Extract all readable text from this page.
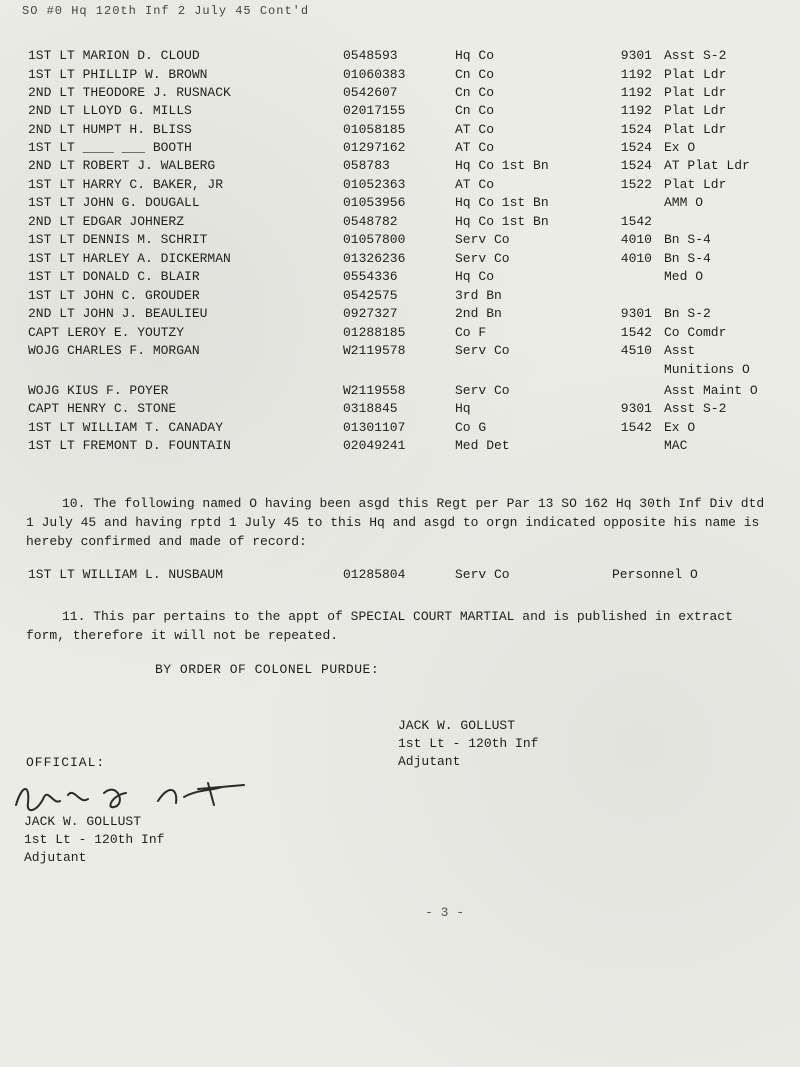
SO #0 Hq 120th Inf 2 July 45 Cont'd
1ST LT MARION D. CLOUD	0548593	Hq Co	9301 Asst S-2
1ST LT PHILLIP W. BROWN	01060383	Cn Co	1192 Plat Ldr
2ND LT THEODORE J. RUSNACK	0542607	Cn Co	1192 Plat Ldr
2ND LT LLOYD G. MILLS	02017155	Cn Co	1192 Plat Ldr
2ND LT HUMPT H. BLISS	01058185	AT Co	1524 Plat Ldr
1ST LT ____ ___ BOOTH	01297162	AT Co	1524 Ex O
2ND LT ROBERT J. WALBERG	058783	Hq Co 1st Bn	1524 AT Plat Ldr
1ST LT HARRY C. BAKER, JR	01052363	AT Co	1522 Plat Ldr
1ST LT JOHN G. DOUGALL	01053956	Hq Co 1st Bn	AMM O
2ND LT EDGAR JOHNERZ	0548782	Hq Co 1st Bn	1542
1ST LT DENNIS M. SCHRIT	01057800	Serv Co	4010 Bn S-4
1ST LT HARLEY A. DICKERMAN	01326236	Serv Co	4010 Bn S-4
1ST LT DONALD C. BLAIR	0554336	Hq Co	Med O
1ST LT JOHN C. GROUDER	0542575	3rd Bn
2ND LT JOHN J. BEAULIEU	0927327	2nd Bn	9301 Bn S-2
CAPT LEROY E. YOUTZY	01288185	Co F	1542 Co Comdr
WOJG CHARLES F. MORGAN	W2119578	Serv Co	4510 Asst
Munitions O
WOJG KIUS F. POYER	W2119558	Serv Co	Asst Maint O
CAPT HENRY C. STONE	0318845	Hq	9301 Asst S-2
1ST LT WILLIAM T. CANADAY	01301107	Co G	1542 Ex O
1ST LT FREMONT D. FOUNTAIN	02049241	Med Det	MAC
10. The following named O having been asgd this Regt per Par 13 SO 162 Hq 30th Inf Div dtd 1 July 45 and having rptd 1 July 45 to this Hq and asgd to orgn indicated opposite his name is hereby confirmed and made of record:
1ST LT WILLIAM L. NUSBAUM	01285804	Serv Co	Personnel O
11. This par pertains to the appt of SPECIAL COURT MARTIAL and is published in extract form, therefore it will not be repeated.
BY ORDER OF COLONEL PURDUE:
JACK W. GOLLUST
1st Lt - 120th Inf
Adjutant
OFFICIAL:
JACK W. GOLLUST
1st Lt - 120th Inf
Adjutant
- 3 -
